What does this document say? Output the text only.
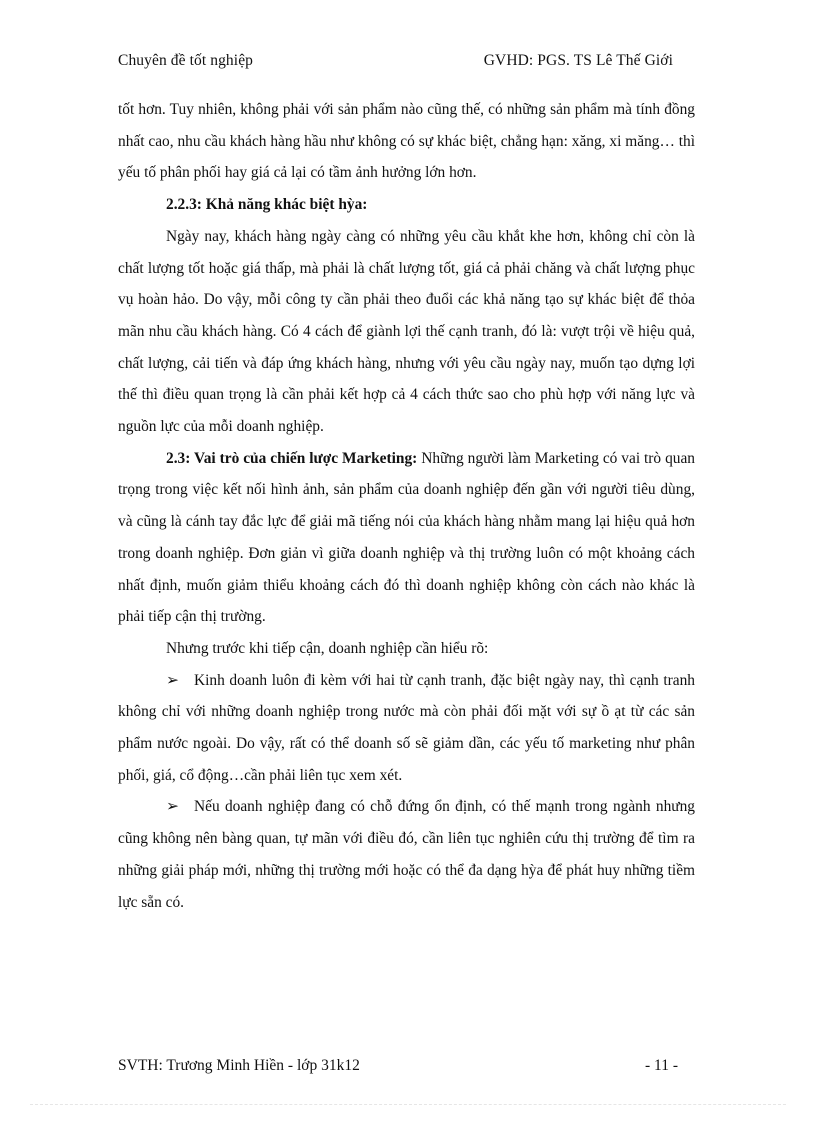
Chuyên đề tốt nghiệp	GVHD: PGS. TS Lê Thế Giới

tốt hơn. Tuy nhiên, không phải với sản phẩm nào cũng thế, có những sản phẩm mà tính đồng nhất cao, nhu cầu khách hàng hầu như không có sự khác biệt, chẳng hạn: xăng, xi măng… thì yếu tố phân phối hay giá cả lại có tầm ảnh hưởng lớn hơn.

2.2.3: Khả năng khác biệt hỳa:

Ngày nay, khách hàng ngày càng có những yêu cầu khắt khe hơn, không chỉ còn là chất lượng tốt hoặc giá thấp, mà phải là chất lượng tốt, giá cả phải chăng và chất lượng phục vụ hoàn hảo. Do vậy, mỗi công ty cần phải theo đuổi các khả năng tạo sự khác biệt để thỏa mãn nhu cầu khách hàng. Có 4 cách để giành lợi thế cạnh tranh, đó là: vượt trội về hiệu quả, chất lượng, cải tiến và đáp ứng khách hàng, nhưng với yêu cầu ngày nay, muốn tạo dựng lợi thế thì điều quan trọng là cần phải kết hợp cả 4 cách thức sao cho phù hợp với năng lực và nguồn lực của mỗi doanh nghiệp.

2.3: Vai trò của chiến lược Marketing: Những người làm Marketing có vai trò quan trọng trong việc kết nối hình ảnh, sản phẩm của doanh nghiệp đến gần với người tiêu dùng, và cũng là cánh tay đắc lực để giải mã tiếng nói của khách hàng nhằm mang lại hiệu quả hơn trong doanh nghiệp. Đơn giản vì giữa doanh nghiệp và thị trường luôn có một khoảng cách nhất định, muốn giảm thiểu khoảng cách đó thì doanh nghiệp không còn cách nào khác là phải tiếp cận thị trường.

Nhưng trước khi tiếp cận, doanh nghiệp cần hiểu rõ:

➢ Kinh doanh luôn đi kèm với hai từ cạnh tranh, đặc biệt ngày nay, thì cạnh tranh không chỉ với những doanh nghiệp trong nước mà còn phải đối mặt với sự ồ ạt từ các sản phẩm nước ngoài. Do vậy, rất có thể doanh số sẽ giảm dần, các yếu tố marketing như phân phối, giá, cổ động…cần phải liên tục xem xét.

➢ Nếu doanh nghiệp đang có chỗ đứng ổn định, có thế mạnh trong ngành nhưng cũng không nên bàng quan, tự mãn với điều đó, cần liên tục nghiên cứu thị trường để tìm ra những giải pháp mới, những thị trường mới hoặc có thể đa dạng hỳa để phát huy những tiềm lực sẵn có.

SVTH: Trương Minh Hiền - lớp 31k12	- 11 -
